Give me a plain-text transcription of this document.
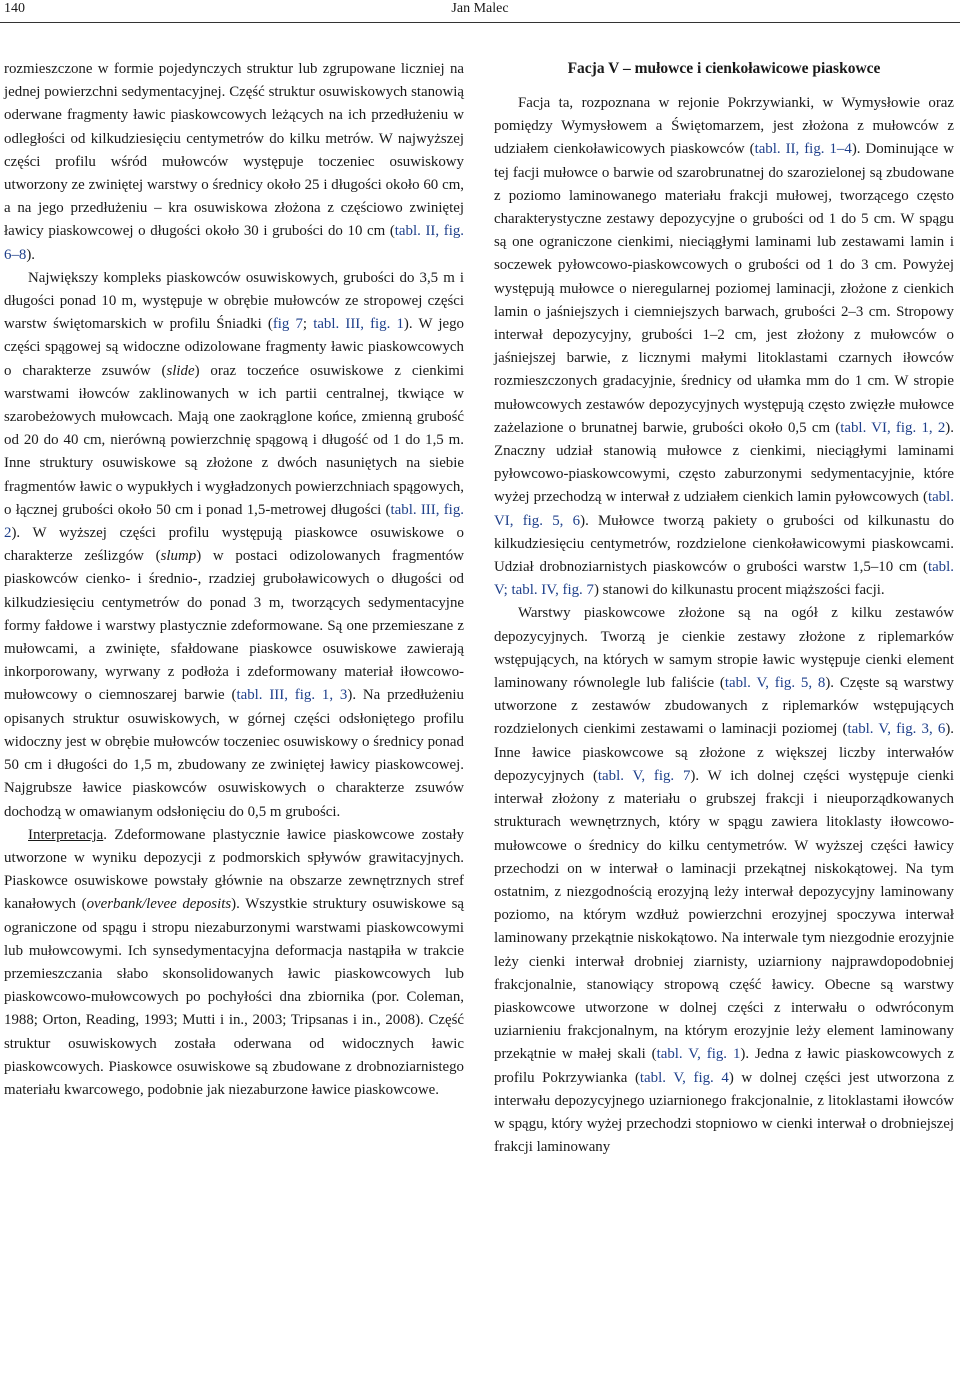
140	Jan Malec

rozmieszczone w formie pojedynczych struktur lub zgrupowane liczniej na jednej powierzchni sedymentacyjnej. Część struktur osuwiskowych stanowią oderwane fragmenty ławic piaskowcowych leżących na ich przedłużeniu w odległości od kilkudziesięciu centymetrów do kilku metrów. W najwyższej części profilu wśród mułowców występuje toczeniec osuwiskowy utworzony ze zwiniętej warstwy o średnicy około 25 i długości około 60 cm, a na jego przedłużeniu – kra osuwiskowa złożona z częściowo zwiniętej ławicy piaskowcowej o długości około 30 i grubości do 10 cm (tabl. II, fig. 6–8).

Największy kompleks piaskowców osuwiskowych, grubości do 3,5 m i długości ponad 10 m, występuje w obrębie mułowców ze stropowej części warstw świętomarskich w profilu Śniadki (fig 7; tabl. III, fig. 1). W jego części spągowej są widoczne odizolowane fragmenty ławic piaskowcowych o charakterze zsuwów (slide) oraz toczeńce osuwiskowe z cienkimi warstwami iłowców zaklinowanych w ich partii centralnej, tkwiące w szarobeżowych mułowcach. Mają one zaokrąglone końce, zmienną grubość od 20 do 40 cm, nierówną powierzchnię spągową i długość od 1 do 1,5 m. Inne struktury osuwiskowe są złożone z dwóch nasuniętych na siebie fragmentów ławic o wypukłych i wygładzonych powierzchniach spągowych, o łącznej grubości około 50 cm i ponad 1,5-metrowej długości (tabl. III, fig. 2). W wyższej części profilu występują piaskowce osuwiskowe o charakterze ześlizgów (slump) w postaci odizolowanych fragmentów piaskowców cienko- i średnio-, rzadziej gruboławicowych o długości od kilkudziesięciu centymetrów do ponad 3 m, tworzących sedymentacyjne formy fałdowe i warstwy plastycznie zdeformowane. Są one przemieszane z mułowcami, a zwinięte, sfałdowane piaskowce osuwiskowe zawierają inkorporowany, wyrwany z podłoża i zdeformowany materiał iłowcowo-mułowcowy o ciemnoszarej barwie (tabl. III, fig. 1, 3). Na przedłużeniu opisanych struktur osuwiskowych, w górnej części odsłoniętego profilu widoczny jest w obrębie mułowców toczeniec osuwiskowy o średnicy ponad 50 cm i długości do 1,5 m, zbudowany ze zwiniętej ławicy piaskowcowej. Najgrubsze ławice piaskowców osuwiskowych o charakterze zsuwów dochodzą w omawianym odsłonięciu do 0,5 m grubości.

Interpretacja. Zdeformowane plastycznie ławice piaskowcowe zostały utworzone w wyniku depozycji z podmorskich spływów grawitacyjnych. Piaskowce osuwiskowe powstały głównie na obszarze zewnętrznych stref kanałowych (overbank/levee deposits). Wszystkie struktury osuwiskowe są ograniczone od spągu i stropu niezaburzonymi warstwami piaskowcowymi lub mułowcowymi. Ich synsedymentacyjna deformacja nastąpiła w trakcie przemieszczania słabo skonsolidowanych ławic piaskowcowych lub piaskowcowo-mułowcowych po pochyłości dna zbiornika (por. Coleman, 1988; Orton, Reading, 1993; Mutti i in., 2003; Tripsanas i in., 2008). Część struktur osuwiskowych została oderwana od widocznych ławic piaskowcowych. Piaskowce osuwiskowe są zbudowane z drobnoziarnistego materiału kwarcowego, podobnie jak niezaburzone ławice piaskowcowe.

Facja V – mułowce i cienkoławicowe piaskowce

Facja ta, rozpoznana w rejonie Pokrzywianki, w Wymysłowie oraz pomiędzy Wymysłowem a Świętomarzem, jest złożona z mułowców z udziałem cienkoławicowych piaskowców (tabl. II, fig. 1–4). Dominujące w tej facji mułowce o barwie od szarobrunatnej do szarozielonej są zbudowane z poziomo laminowanego materiału frakcji mułowej, tworzącego często charakterystyczne zestawy depozycyjne o grubości od 1 do 5 cm. W spągu są one ograniczone cienkimi, nieciągłymi laminami lub zestawami lamin i soczewek pyłowcowo-piaskowcowych o grubości od 1 do 3 cm. Powyżej występują mułowce o nieregularnej poziomej laminacji, złożone z cienkich lamin o jaśniejszych i ciemniejszych barwach, grubości 2–3 cm. Stropowy interwał depozycyjny, grubości 1–2 cm, jest złożony z mułowców o jaśniejszej barwie, z licznymi małymi litoklastami czarnych iłowców rozmieszczonych gradacyjnie, średnicy od ułamka mm do 1 cm. W stropie mułowcowych zestawów depozycyjnych występują często zwięzłe mułowce zażelazione o brunatnej barwie, grubości około 0,5 cm (tabl. VI, fig. 1, 2). Znaczny udział stanowią mułowce z cienkimi, nieciągłymi laminami pyłowcowo-piaskowcowymi, często zaburzonymi sedymentacyjnie, które wyżej przechodzą w interwał z udziałem cienkich lamin pyłowcowych (tabl. VI, fig. 5, 6). Mułowce tworzą pakiety o grubości od kilkunastu do kilkudziesięciu centymetrów, rozdzielone cienkoławicowymi piaskowcami. Udział drobnoziarnistych piaskowców o grubości warstw 1,5–10 cm (tabl. V; tabl. IV, fig. 7) stanowi do kilkunastu procent miąższości facji.

Warstwy piaskowcowe złożone są na ogół z kilku zestawów depozycyjnych. Tworzą je cienkie zestawy złożone z riplemarków wstępujących, na których w samym stropie ławic występuje cienki element laminowany równolegle lub faliście (tabl. V, fig. 5, 8). Częste są warstwy utworzone z zestawów zbudowanych z riplemarków wstępujących rozdzielonych cienkimi zestawami o laminacji poziomej (tabl. V, fig. 3, 6). Inne ławice piaskowcowe są złożone z większej liczby interwałów depozycyjnych (tabl. V, fig. 7). W ich dolnej części występuje cienki interwał złożony z materiału o grubszej frakcji i nieuporządkowanych strukturach wewnętrznych, który w spągu zawiera litoklasty iłowcowo-mułowcowe o średnicy do kilku centymetrów. W wyższej części ławicy przechodzi on w interwał o laminacji przekątnej niskokątowej. Na tym ostatnim, z niezgodnością erozyjną leży interwał depozycyjny laminowany poziomo, na którym wzdłuż powierzchni erozyjnej spoczywa interwał laminowany przekątnie niskokątowo. Na interwale tym niezgodnie erozyjnie leży cienki interwał drobniej ziarnisty, uziarniony najprawdopodobniej frakcjonalnie, stanowiący stropową część ławicy. Obecne są warstwy piaskowcowe utworzone w dolnej części z interwału o odwróconym uziarnieniu frakcjonalnym, na którym erozyjnie leży element laminowany przekątnie w małej skali (tabl. V, fig. 1). Jedna z ławic piaskowcowych z profilu Pokrzywianka (tabl. V, fig. 4) w dolnej części jest utworzona z interwału depozycyjnego uziarnionego frakcjonalnie, z litoklastami iłowców w spągu, który wyżej przechodzi stopniowo w cienki interwał o drobniejszej frakcji laminowany
